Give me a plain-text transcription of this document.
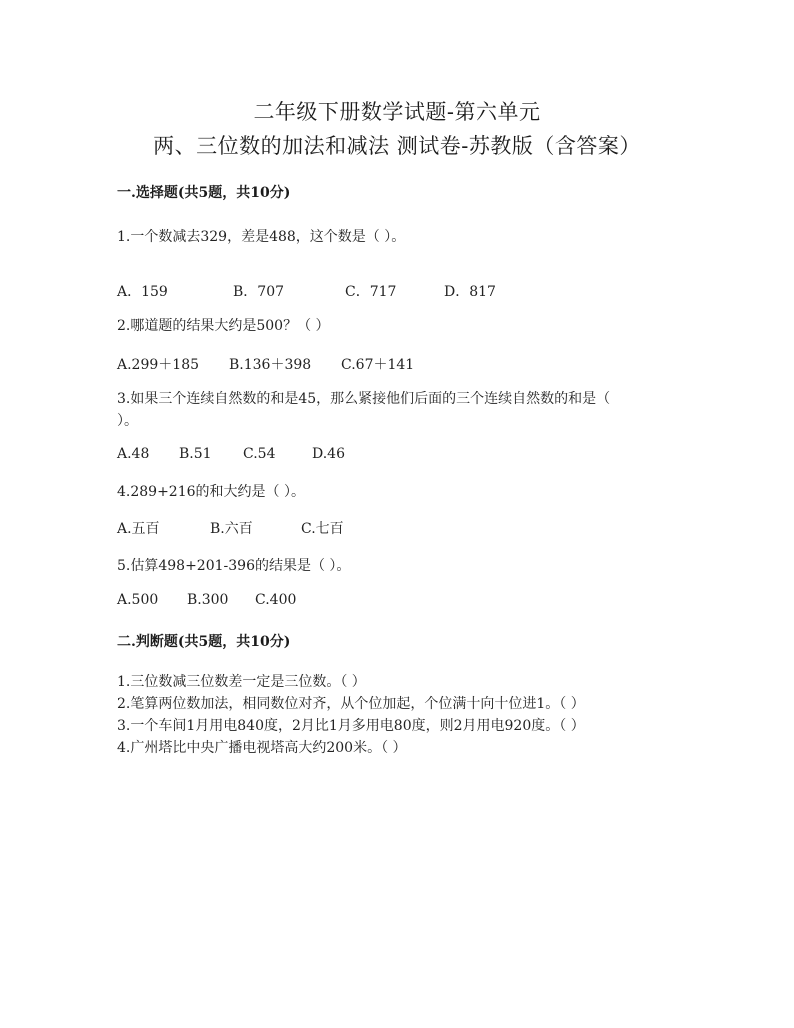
二年级下册数学试题-第六单元
两、三位数的加法和减法 测试卷-苏教版（含答案）
一.选择题(共5题，共10分)
1.一个数减去329，差是488，这个数是（ ）。
A．159	B．707	C．717	D．817
2.哪道题的结果大约是500？（ ）
A.299＋185 B.136＋398 C.67＋141
3.如果三个连续自然数的和是45，那么紧接他们后面的三个连续自然数的和是（
）。
A.48 B.51 C.54	D.46
4.289+216的和大约是（ ）。
A.五百	B.六百	C.七百
5.估算498+201-396的结果是（ ）。
A.500 B.300 C.400
二.判断题(共5题，共10分)
1.三位数减三位数差一定是三位数。（ ）
2.笔算两位数加法，相同数位对齐，从个位加起，个位满十向十位进1。（ ）
3.一个车间1月用电840度，2月比1月多用电80度，则2月用电920度。（ ）
4.广州塔比中央广播电视塔高大约200米。（ ）
